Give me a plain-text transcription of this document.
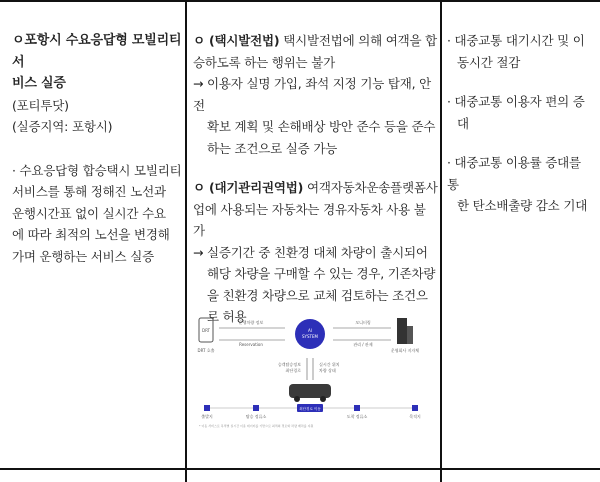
ㅇ포항시 수요응답형 모빌리티 서

비스 실증

(포티투닷)

(실증지역: 포항시)

· 수요응답형 합승택시 모빌리티

서비스를 통해 정해진 노선과

운행시간표 없이 실시간 수요

에 따라 최적의 노선을 변경해

가며 운행하는 서비스 실증

ㅇ (택시발전법) 택시발전법에 의해 여객을 합

승하도록 하는 행위는 불가

→ 이용자 실명 가입, 좌석 지정 기능 탑재, 안전

확보 계획 및 손해배상 방안 준수 등을 준수

하는 조건으로 실증 가능

ㅇ (대기관리권역법) 여객자동차운송플랫폼사

업에 사용되는 자동차는 경유자동차 사용 불

가

→ 실증기간 중 친환경 대체 차량이 출시되어

해당 차량을 구매할 수 있는 경우, 기존차량

을 친환경 차량으로 교체 검토하는 조건으

로 허용

· 대중교통 대기시간 및 이

동시간 절감

· 대중교통 이용자 편의 증

대

· 대중교통 이용률 증대를 통

한 탄소배출량 감소 기대

DRT
DRT 호출
운행차량 정보
Reservation
AI
SYSTEM
모니터링
관리 / 관제
운영회사 지자체
승객탑승정보
최단경로
실시간 위치
차량 상태
최단경로 이동
출발지	탑승 정류소	도착 정류소	목적지
* 이동 서비스로 목적별 실시간 이용 데이터를 기반으로 최적의 경로와 차량 배차를 지원
